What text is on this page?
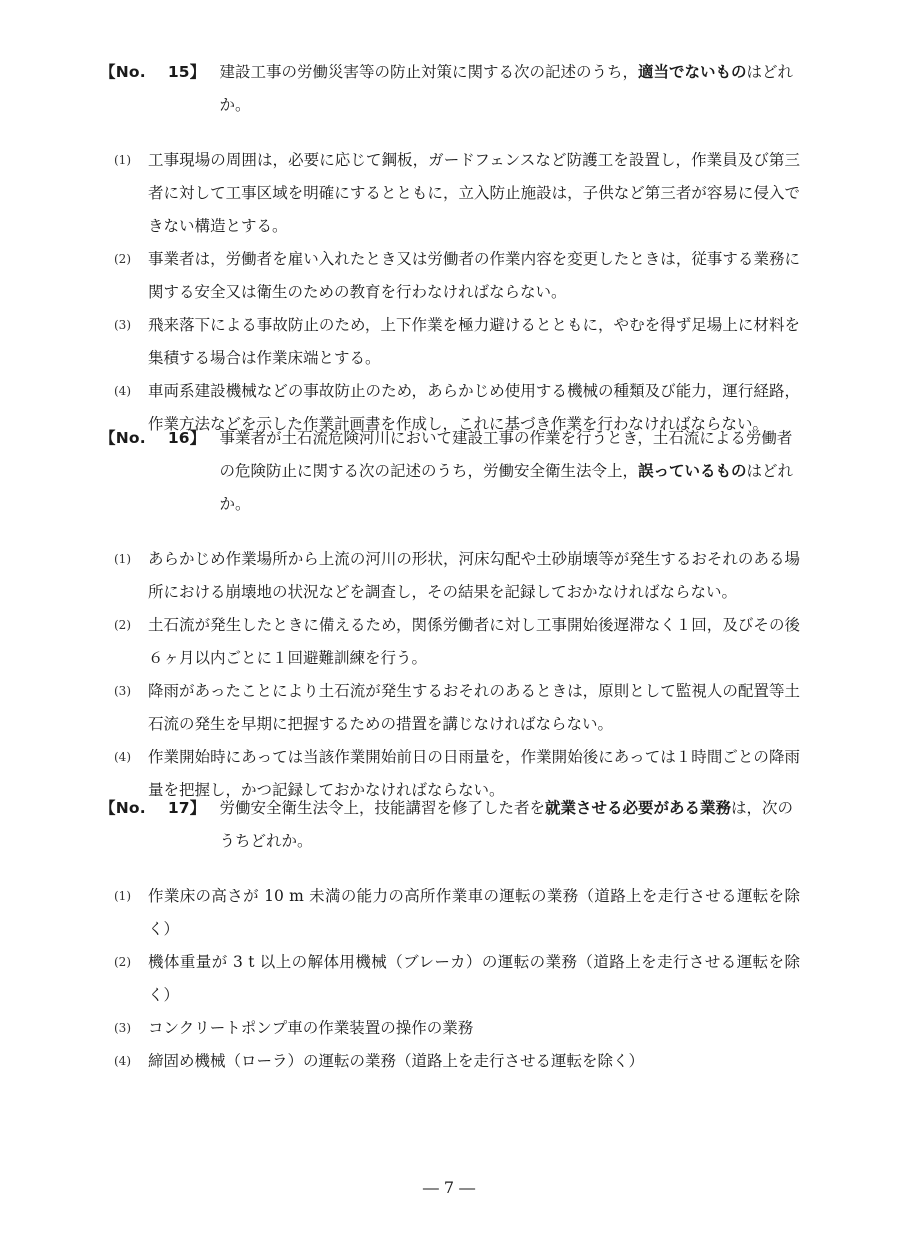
【No. 15】 建設工事の労働災害等の防止対策に関する次の記述のうち，適当でないものはどれか。
(1)	工事現場の周囲は，必要に応じて鋼板，ガードフェンスなど防護工を設置し，作業員及び第三者に対して工事区域を明確にするとともに，立入防止施設は，子供など第三者が容易に侵入できない構造とする。
(2)	事業者は，労働者を雇い入れたとき又は労働者の作業内容を変更したときは，従事する業務に関する安全又は衛生のための教育を行わなければならない。
(3)	飛来落下による事故防止のため，上下作業を極力避けるとともに，やむを得ず足場上に材料を集積する場合は作業床端とする。
(4)	車両系建設機械などの事故防止のため，あらかじめ使用する機械の種類及び能力，運行経路，作業方法などを示した作業計画書を作成し，これに基づき作業を行わなければならない。
【No. 16】 事業者が土石流危険河川において建設工事の作業を行うとき，土石流による労働者の危険防止に関する次の記述のうち，労働安全衛生法令上，誤っているものはどれか。
(1)	あらかじめ作業場所から上流の河川の形状，河床勾配や土砂崩壊等が発生するおそれのある場所における崩壊地の状況などを調査し，その結果を記録しておかなければならない。
(2)	土石流が発生したときに備えるため，関係労働者に対し工事開始後遅滞なく１回，及びその後６ヶ月以内ごとに１回避難訓練を行う。
(3)	降雨があったことにより土石流が発生するおそれのあるときは，原則として監視人の配置等土石流の発生を早期に把握するための措置を講じなければならない。
(4)	作業開始時にあっては当該作業開始前日の日雨量を，作業開始後にあっては１時間ごとの降雨量を把握し，かつ記録しておかなければならない。
【No. 17】 労働安全衛生法令上，技能講習を修了した者を就業させる必要がある業務は，次のうちどれか。
(1)	作業床の高さが 10 m 未満の能力の高所作業車の運転の業務（道路上を走行させる運転を除く）
(2)	機体重量が 3 t 以上の解体用機械（ブレーカ）の運転の業務（道路上を走行させる運転を除く）
(3)	コンクリートポンプ車の作業装置の操作の業務
(4)	締固め機械（ローラ）の運転の業務（道路上を走行させる運転を除く）
― 7 ―
